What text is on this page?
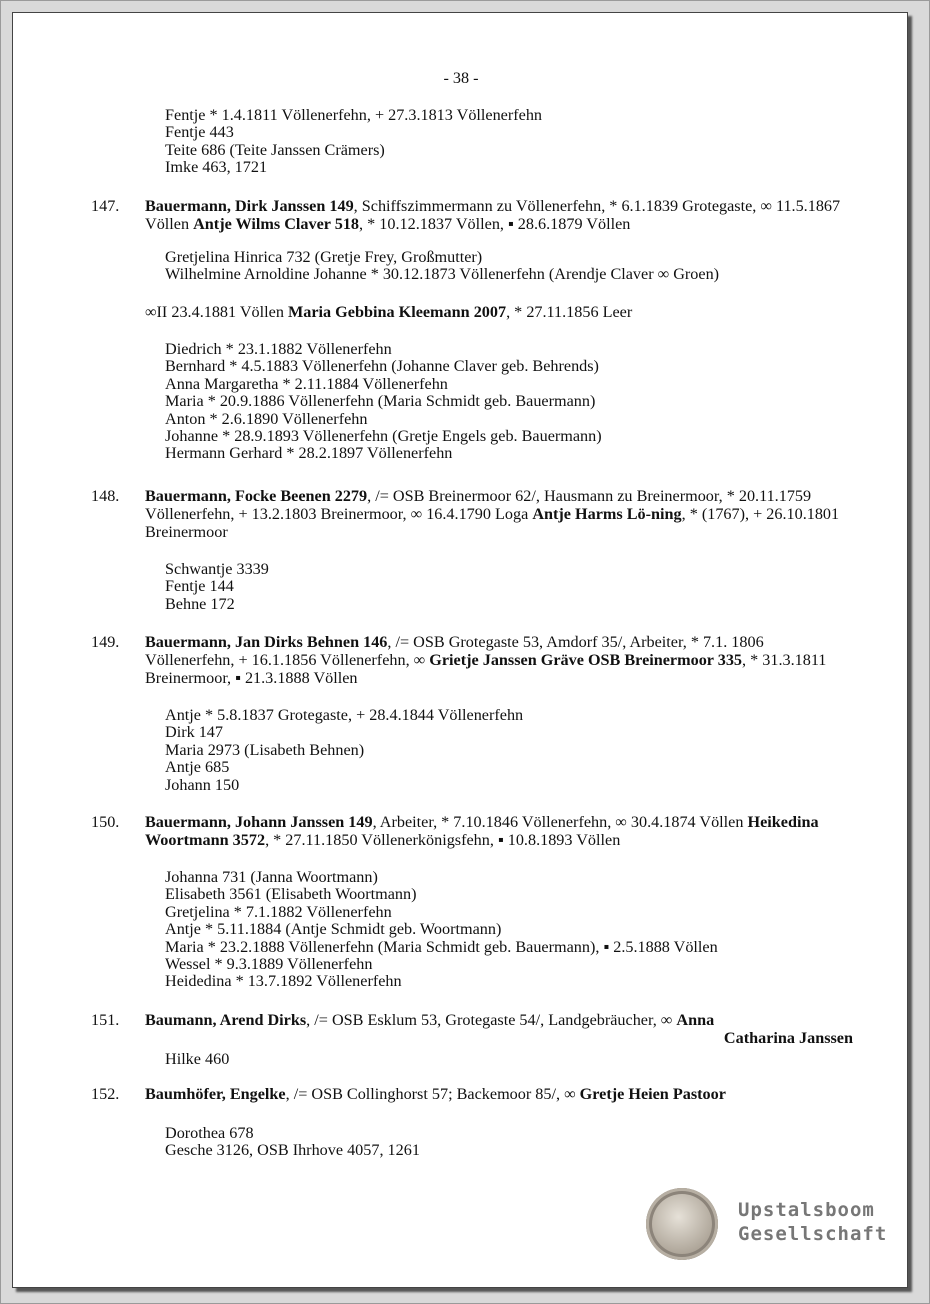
- 38 -
Fentje * 1.4.1811 Völlenerfehn, + 27.3.1813 Völlenerfehn
Fentje 443
Teite 686 (Teite Janssen Crämers)
Imke 463, 1721
147. Bauermann, Dirk Janssen 149, Schiffszimmermann zu Völlenerfehn, * 6.1.1839 Grotegaste, ∞ 11.5.1867 Völlen Antje Wilms Claver 518, * 10.12.1837 Völlen, ▪ 28.6.1879 Völlen
Gretjelina Hinrica 732 (Gretje Frey, Großmutter)
Wilhelmine Arnoldine Johanne * 30.12.1873 Völlenerfehn (Arendje Claver ∞ Groen)
∞II 23.4.1881 Völlen Maria Gebbina Kleemann 2007, * 27.11.1856 Leer
Diedrich * 23.1.1882 Völlenerfehn
Bernhard * 4.5.1883 Völlenerfehn (Johanne Claver geb. Behrends)
Anna Margaretha * 2.11.1884 Völlenerfehn
Maria * 20.9.1886 Völlenerfehn (Maria Schmidt geb. Bauermann)
Anton * 2.6.1890 Völlenerfehn
Johanne * 28.9.1893 Völlenerfehn (Gretje Engels geb. Bauermann)
Hermann Gerhard * 28.2.1897 Völlenerfehn
148. Bauermann, Focke Beenen 2279, /= OSB Breinermoor 62/, Hausmann zu Breinermoor, * 20.11.1759 Völlenerfehn, + 13.2.1803 Breinermoor, ∞ 16.4.1790 Loga Antje Harms Lö-ning, * (1767), + 26.10.1801 Breinermoor
Schwantje 3339
Fentje 144
Behne 172
149. Bauermann, Jan Dirks Behnen 146, /= OSB Grotegaste 53, Amdorf 35/, Arbeiter, * 7.1. 1806 Völlenerfehn, + 16.1.1856 Völlenerfehn, ∞ Grietje Janssen Gräve OSB Breinermoor 335, * 31.3.1811 Breinermoor, ▪ 21.3.1888 Völlen
Antje * 5.8.1837 Grotegaste, + 28.4.1844 Völlenerfehn
Dirk 147
Maria 2973 (Lisabeth Behnen)
Antje 685
Johann 150
150. Bauermann, Johann Janssen 149, Arbeiter, * 7.10.1846 Völlenerfehn, ∞ 30.4.1874 Völlen Heikedina Woortmann 3572, * 27.11.1850 Völlenerkönigsfehn, ▪ 10.8.1893 Völlen
Johanna 731 (Janna Woortmann)
Elisabeth 3561 (Elisabeth Woortmann)
Gretjelina * 7.1.1882 Völlenerfehn
Antje * 5.11.1884 (Antje Schmidt geb. Woortmann)
Maria * 23.2.1888 Völlenerfehn (Maria Schmidt geb. Bauermann), ▪ 2.5.1888 Völlen
Wessel * 9.3.1889 Völlenerfehn
Heidedina * 13.7.1892 Völlenerfehn
151. Baumann, Arend Dirks, /= OSB Esklum 53, Grotegaste 54/, Landgebräucher, ∞ Anna
Catharina Janssen
Hilke 460
152. Baumhöfer, Engelke, /= OSB Collinghorst 57; Backemoor 85/, ∞ Gretje Heien Pastoor
Dorothea 678
Gesche 3126, OSB Ihrhove 4057, 1261
Upstalsboom
Gesellschaft
